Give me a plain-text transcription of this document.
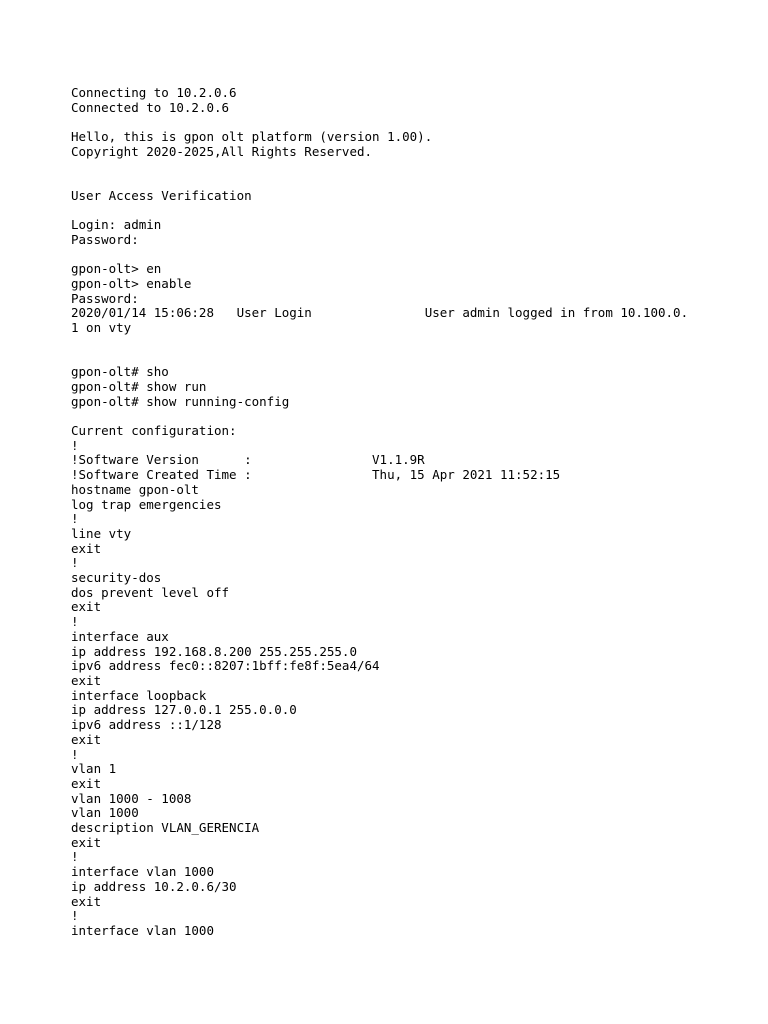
Connecting to 10.2.0.6
Connected to 10.2.0.6
Hello, this is gpon olt platform (version 1.00).
Copyright 2020-2025,All Rights Reserved.
User Access Verification
Login: admin
Password:
gpon-olt> en
gpon-olt> enable
Password:
2020/01/14 15:06:28   User Login               User admin logged in from 10.100.0.
1 on vty
gpon-olt# sho
gpon-olt# show run
gpon-olt# show running-config
Current configuration:
!
!Software Version      :                V1.1.9R
!Software Created Time :                Thu, 15 Apr 2021 11:52:15
hostname gpon-olt
log trap emergencies
!
line vty
exit
!
security-dos
dos prevent level off
exit
!
interface aux
ip address 192.168.8.200 255.255.255.0
ipv6 address fec0::8207:1bff:fe8f:5ea4/64
exit
interface loopback
ip address 127.0.0.1 255.0.0.0
ipv6 address ::1/128
exit
!
vlan 1
exit
vlan 1000 - 1008
vlan 1000
description VLAN_GERENCIA
exit
!
interface vlan 1000
ip address 10.2.0.6/30
exit
!
interface vlan 1000
